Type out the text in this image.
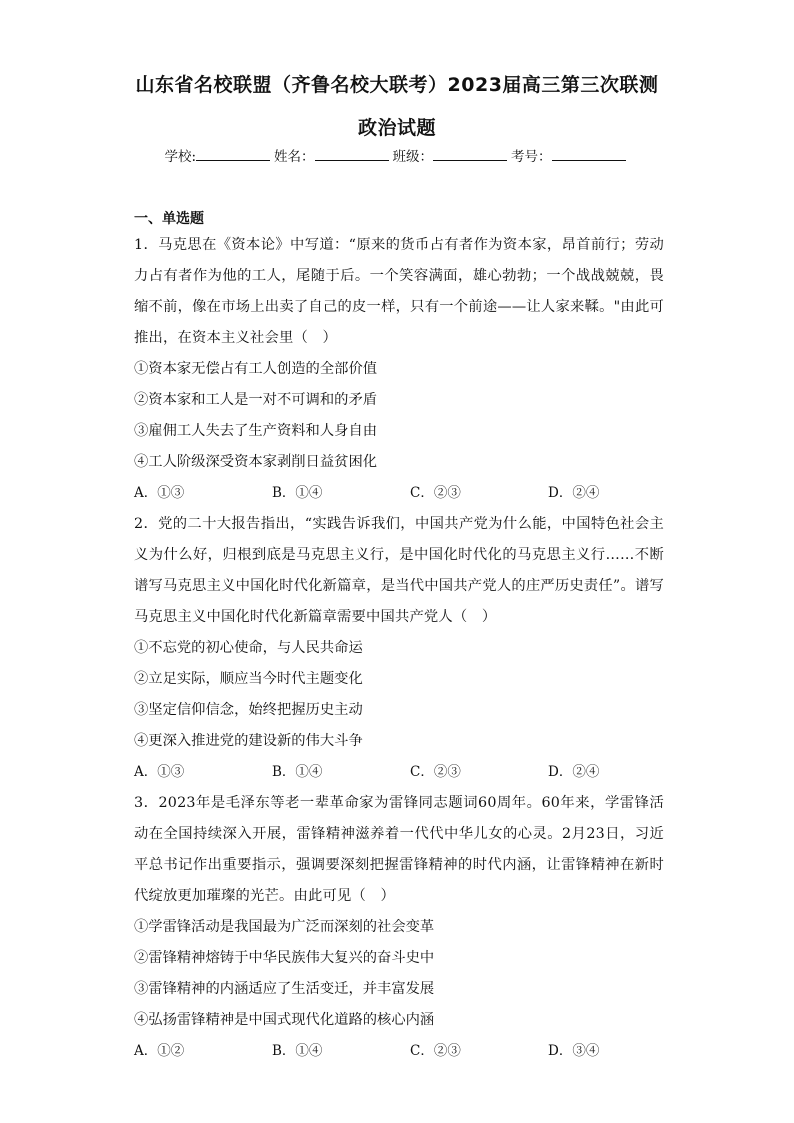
山东省名校联盟（齐鲁名校大联考）2023届高三第三次联测
政治试题
学校:	姓名：	班级：	考号：
一、单选题
1．马克思在《资本论》中写道：“原来的货币占有者作为资本家，昂首前行；劳动力占有者作为他的工人，尾随于后。一个笑容满面，雄心勃勃；一个战战兢兢，畏缩不前，像在市场上出卖了自己的皮一样，只有一个前途——让人家来鞣。"由此可推出，在资本主义社会里（　）
①资本家无偿占有工人创造的全部价值
②资本家和工人是一对不可调和的矛盾
③雇佣工人失去了生产资料和人身自由
④工人阶级深受资本家剥削日益贫困化
A．①③	B．①④	C．②③	D．②④
2．党的二十大报告指出，“实践告诉我们，中国共产党为什么能，中国特色社会主义为什么好，归根到底是马克思主义行，是中国化时代化的马克思主义行……不断谱写马克思主义中国化时代化新篇章，是当代中国共产党人的庄严历史责任”。谱写马克思主义中国化时代化新篇章需要中国共产党人（　）
①不忘党的初心使命，与人民共命运
②立足实际，顺应当今时代主题变化
③坚定信仰信念，始终把握历史主动
④更深入推进党的建设新的伟大斗争
A．①③	B．①④	C．②③	D．②④
3．2023年是毛泽东等老一辈革命家为雷锋同志题词60周年。60年来，学雷锋活动在全国持续深入开展，雷锋精神滋养着一代代中华儿女的心灵。2月23日，习近平总书记作出重要指示，强调要深刻把握雷锋精神的时代内涵，让雷锋精神在新时代绽放更加璀璨的光芒。由此可见（　）
①学雷锋活动是我国最为广泛而深刻的社会变革
②雷锋精神熔铸于中华民族伟大复兴的奋斗史中
③雷锋精神的内涵适应了生活变迁，并丰富发展
④弘扬雷锋精神是中国式现代化道路的核心内涵
A．①②	B．①④	C．②③	D．③④
